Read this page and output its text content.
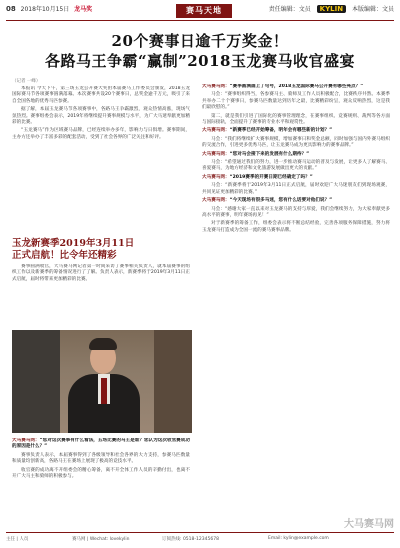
08 2018年10月15日 龙马奖	赛马天地	责任编辑：文员 KYLIN 本版编辑：文员
20个赛事日逾千万奖金！
各路马王争霸“赢制”2018玉龙赛马收官盛宴
（记者 一峰）

本报讯 今天下午，第三场玉龙公开赛大奖由本届赛马工作委员会颁发，2018玉龙国际赛马节各项赛事圆满落幕。本次赛事共设20个赛事日，总奖金逾千万元，吸引了来自全国各地的优秀马匹参赛。

据了解，本届玉龙赛马节各项赛事中，各路马王争霸激烈，观众热情高涨，现场气氛热烈。赛事组委会表示，2019年将继续提升赛事规模与水平，为广大马迷奉献更加精彩的比赛。

“玉龙赛马”作为区域赛马品牌，已经连续举办多年，影响力与日俱增。赛事期间，主办方还举办了丰富多彩的配套活动，受到了社会各界的广泛关注和好评。

玉龙新赛季2019年3月11日
正式启航！比令年还精彩

赛事圆满收官，大马赛马网记者第一时间采访了赛事相关负责人，就本届赛事的组织工作以及新赛季的筹备情况进行了了解。负责人表示，新赛季将于2019年3月11日正式启航，届时将带来更加精彩的比赛。

大马赛马网：“您对这次赛事有什么看法，五场比赛的马王是谁？您认为这次收官赛成功的原因是什么？”

赛事负责人表示，本届赛事得到了各级领导和社会各界的大力支持，参赛马匹数量和质量均创新高，各路马王在赛场上展现了极高的竞技水平。

收官赛的成功离不开组委会的精心筹备，离不开全体工作人员的辛勤付出，也离不开广大马主和骑师的积极参与。

大马赛马网：“赛季圆满画上了句号，2018玉龙国际赛马公开赛有哪些亮点？”

马会：“赛事组织得当，各参赛马主、骑师及工作人员积极配合，比赛秩序井然。本赛季共举办二十个赛事日，参赛马匹数量达到历年之最，比赛精彩纷呈，观众反响热烈，这是我们最欣慰的。”

第二，就是我们引进了国际化的赛事管理理念，在赛事组织、竞赛规则、裁判等各方面与国际接轨，全面提升了赛事的专业水平和观赏性。

大马赛马网：“新赛季已经开始筹备，明年会有哪些新的计划？”

马会：“我们将继续扩大赛事规模，增加赛事日和奖金总额，同时加强与国内外赛马组织的交流合作，引进更多优秀马匹，让玉龙赛马成为更具影响力的赛事品牌。”

大马赛马网：“您对马会接下来的发展有什么期待？”

马会：“希望通过我们的努力，进一步推动赛马运动的普及与发展，让更多人了解赛马、喜爱赛马，为地方经济和文化旅游发展做出更大的贡献。”

大马赛马网：“2019赛季的开赛日期已经确定了吗？”

马会：“新赛季将于2019年3月11日正式启航，届时欢迎广大马迷朋友们到现场观赛，共同见证更加精彩的比赛。”

大马赛马网：“今天现场有很多马迷，您有什么话要对他们说？”

马会：“感谢大家一直以来对玉龙赛马的支持与厚爱，我们会继续努力，为大家奉献更多高水平的赛事，明年赛场再见！”

对于新赛季的筹备工作，组委会表示将不断总结经验，完善各项服务保障措施，努力将玉龙赛马打造成为全国一流的赛马赛事品牌。

主任 | 人员	赛马网 | Wechat: lovekylin	订阅热线: 0518-12345678	Email: kylin@example.com
大马赛马网
